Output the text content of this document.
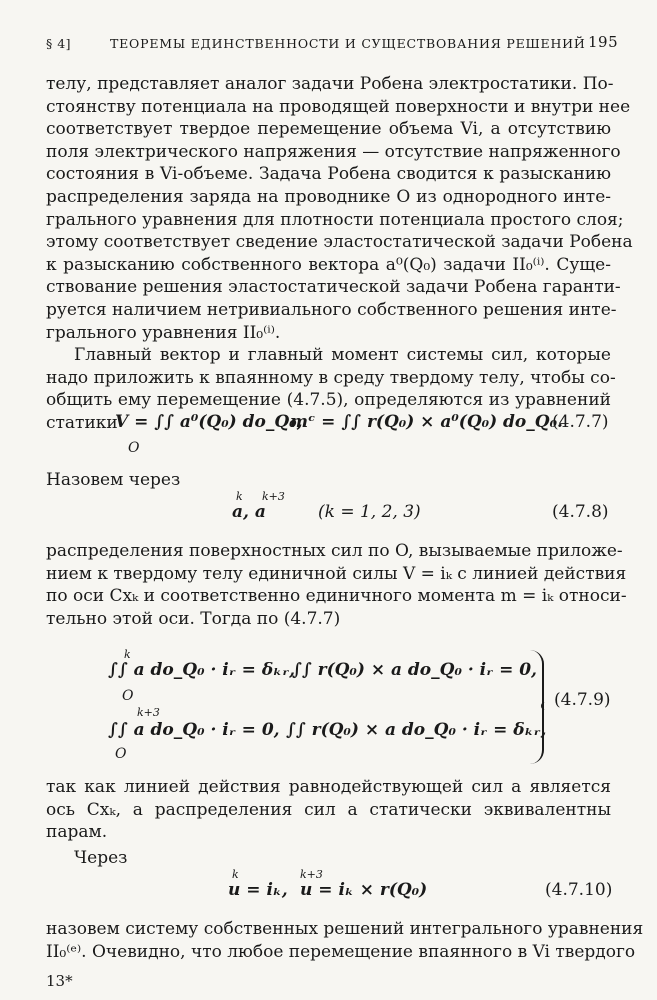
§ 4]	ТЕОРЕМЫ ЕДИНСТВЕННОСТИ И СУЩЕСТВОВАНИЯ РЕШЕНИЙ 195
телу, представляет аналог задачи Робена электростатики. По-
стоянству потенциала на проводящей поверхности и внутри нее
соответствует твердое перемещение объема Vi, а отсутствию
поля электрического напряжения — отсутствие напряженного
состояния в Vi-объеме. Задача Робена сводится к разысканию
распределения заряда на проводнике O из однородного инте-
грального уравнения для плотности потенциала простого слоя;
этому соответствует сведение эластостатической задачи Робена
к разысканию собственного вектора a⁰(Q₀) задачи II₀⁽ⁱ⁾. Суще-
ствование решения эластостатической задачи Робена гаранти-
руется наличием нетривиального собственного решения инте-
грального уравнения II₀⁽ⁱ⁾.
Главный вектор и главный момент системы сил, которые
надо приложить к впаянному в среду твердому телу, чтобы со-
общить ему перемещение (4.7.5), определяются из уравнений
статики
V = ∫∫ a⁰(Q₀) do_Q₀,
mᶜ = ∫∫ r(Q₀) × a⁰(Q₀) do_Q₀.
O
(4.7.7)
Назовем через
k k+3
a, a	(k = 1, 2, 3)	(4.7.8)
распределения поверхностных сил по O, вызываемые приложе-
нием к твердому телу единичной силы V = iₖ с линией действия
по оси Cxₖ и соответственно единичного момента m = iₖ относи-
тельно этой оси. Тогда по (4.7.7)
k
∫∫ a do_Q₀ · iᵣ = δₖᵣ,
∫∫ r(Q₀) × a do_Q₀ · iᵣ = 0,
O
k+3
∫∫ a do_Q₀ · iᵣ = 0, ∫∫ r(Q₀) × a do_Q₀ · iᵣ = δₖᵣ,
O
(4.7.9)
так как линией действия равнодействующей сил a является
ось Cxₖ, а распределения сил a статически эквивалентны
парам.
Через
k
u = iₖ,
k+3
u = iₖ × r(Q₀)	(4.7.10)
назовем систему собственных решений интегрального уравнения
II₀⁽ᵉ⁾. Очевидно, что любое перемещение впаянного в Vi твердого
13*
